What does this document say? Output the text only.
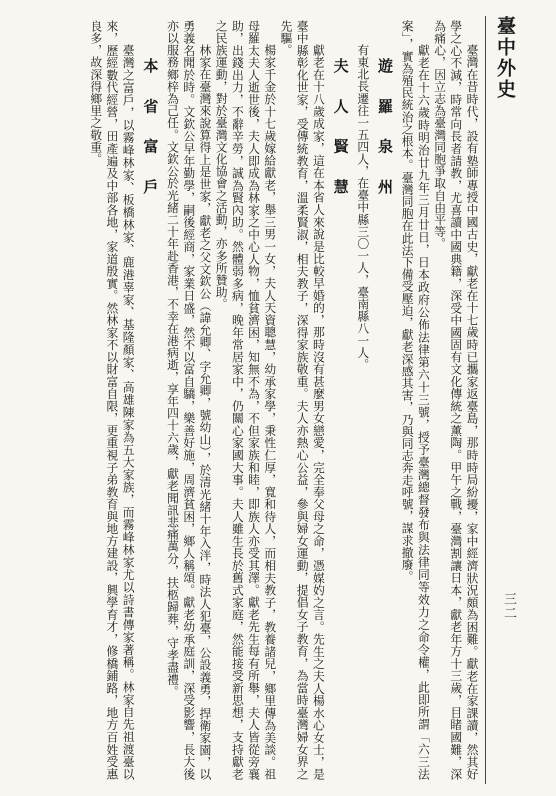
臺中外史
三二

臺灣在昔時代，設有塾師專授中國古史，獻老在十七歲時已攜家返臺島，那時時局紛擾，家中經濟狀況頗為困難。獻老在家課讀，然其好學之心不減，時常向長者請教，尤喜讀中國典籍，深受中國固有文化傳統之薰陶。甲午之戰，臺灣割讓日本，獻老年方十三歲，目睹國難，深為痛心，因立志為臺灣同胞爭取自由平等。

獻老在十六歲時明治廿九年三月廿日，日本政府公佈法律第六十三號，授予臺灣總督發布與法律同等效力之命令權，此即所謂「六三法案」，實為殖民統治之根本。臺灣同胞在此法下備受壓迫，獻老深感其害，乃與同志奔走呼號，謀求撤廢。

遊 羅 泉 州

有東北長遷往一五四人，在臺中縣三〇一人，臺南縣八一人。

夫 人 賢 慧

獻老在十八歲成家，這在本省人來說是比較早婚的，那時沒有甚麼男女戀愛，完全奉父母之命，憑媒妁之言。先生之夫人楊水心女士，是臺中縣彰化世家，受傳統教育，溫柔賢淑，相夫教子，深得家族敬重。夫人亦熱心公益，參與婦女運動，提倡女子教育，為當時臺灣婦女界之先驅。

楊家千金於十七歲嫁給獻老，舉三男一女，夫人天資聰慧，幼承家學，秉性仁厚，寬和待人，而相夫教子，教養諸兒，鄉里傳為美談。祖母羅太夫人逝世後，夫人即成為林家之中心人物，恤貧濟困，知無不為，不但家族和睦，即族人亦受其澤。獻老先生每有所舉，夫人皆從旁襄助，出錢出力，不辭辛勞，誠為賢內助。然體弱多病，晚年常居家中，仍關心家國大事。夫人雖生長於舊式家庭，然能接受新思想，支持獻老之民族運動，對於臺灣文化協會之活動，亦多所贊助。

林家在臺灣來說算得上是世家，獻老之父文欽公（諱允卿、字允卿，號幼山），於清光緒十年入泮，時法人犯臺，公設義勇，捍衛家園，以勇義名聞於時。文欽公早年勤學，嗣後經商，家業日盛，然不以富自驕，樂善好施，周濟貧困，鄉人稱頌。獻老幼承庭訓，深受影響，長大後亦以服務鄉梓為己任。文欽公於光緒二十年赴香港，不幸在港病逝，享年四十六歲，獻老聞訊悲痛萬分，扶柩歸葬，守孝盡禮。

本 省 富 戶

臺灣之富戶，以霧峰林家、板橋林家、鹿港辜家、基隆顏家、高雄陳家為五大家族，而霧峰林家尤以詩書傳家著稱。林家自先祖渡臺以來，歷經數代經營，田產遍及中部各地，家道殷實。然林家不以財富自限，更重視子弟教育與地方建設，興學育才，修橋鋪路，地方百姓受惠良多，故深得鄉里之敬重。
